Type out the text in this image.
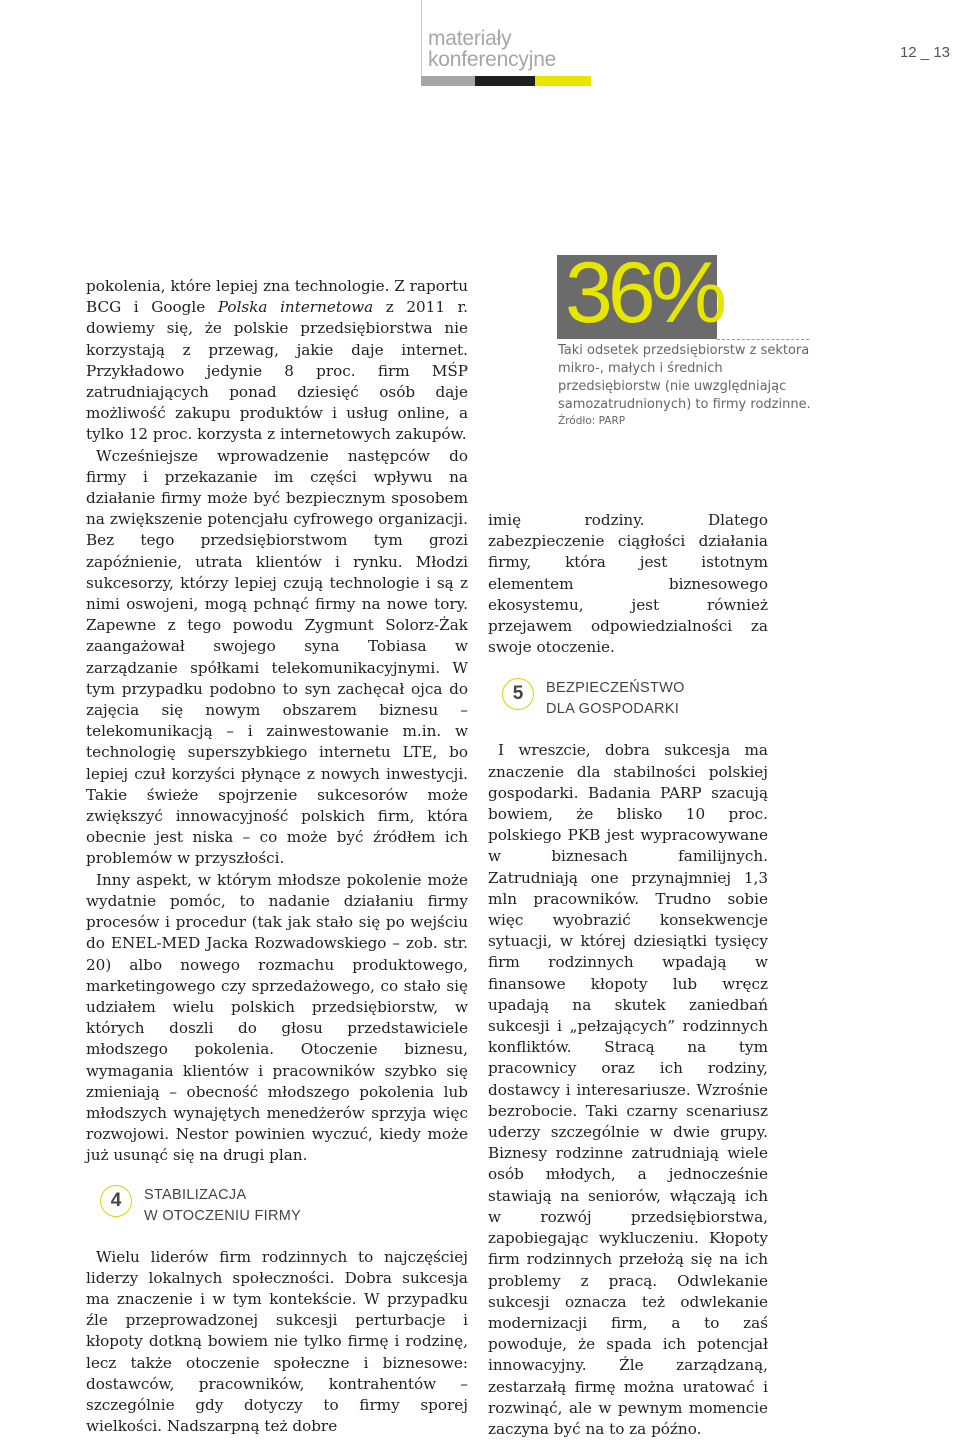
materiały
konferencyjne	12 _ 13

pokolenia, które lepiej zna technologie. Z raportu BCG i Google Polska internetowa z 2011 r. dowiemy się, że polskie przedsiębiorstwa nie korzystają z przewag, jakie daje internet. Przykładowo jedynie 8 proc. firm MŚP zatrudniających ponad dziesięć osób daje możliwość zakupu produktów i usług online, a tylko 12 proc. korzysta z internetowych zakupów.

Wcześniejsze wprowadzenie następców do firmy i przekazanie im części wpływu na działanie firmy może być bezpiecznym sposobem na zwiększenie potencjału cyfrowego organizacji. Bez tego przedsiębiorstwom tym grozi zapóźnienie, utrata klientów i rynku. Młodzi sukcesorzy, którzy lepiej czują technologie i są z nimi oswojeni, mogą pchnąć firmy na nowe tory. Zapewne z tego powodu Zygmunt Solorz-Żak zaangażował swojego syna Tobiasa w zarządzanie spółkami telekomunikacyjnymi. W tym przypadku podobno to syn zachęcał ojca do zajęcia się nowym obszarem biznesu – telekomunikacją – i zainwestowanie m.in. w technologię superszybkiego internetu LTE, bo lepiej czuł korzyści płynące z nowych inwestycji. Takie świeże spojrzenie sukcesorów może zwiększyć innowacyjność polskich firm, która obecnie jest niska – co może być źródłem ich problemów w przyszłości.

Inny aspekt, w którym młodsze pokolenie może wydatnie pomóc, to nadanie działaniu firmy procesów i procedur (tak jak stało się po wejściu do ENEL-MED Jacka Rozwadowskiego – zob. str. 20) albo nowego rozmachu produktowego, marketingowego czy sprzedażowego, co stało się udziałem wielu polskich przedsiębiorstw, w których doszli do głosu przedstawiciele młodszego pokolenia. Otoczenie biznesu, wymagania klientów i pracowników szybko się zmieniają – obecność młodszego pokolenia lub młodszych wynajętych menedżerów sprzyja więc rozwojowi. Nestor powinien wyczuć, kiedy może już usunąć się na drugi plan.

4	STABILIZACJA
W OTOCZENIU FIRMY

Wielu liderów firm rodzinnych to najczęściej liderzy lokalnych społeczności. Dobra sukcesja ma znaczenie i w tym kontekście. W przypadku źle przeprowadzonej sukcesji perturbacje i kłopoty dotkną bowiem nie tylko firmę i rodzinę, lecz także otoczenie społeczne i biznesowe: dostawców, pracowników, kontrahentów – szczególnie gdy dotyczy to firmy sporej wielkości. Nadszarpną też dobre

36%
Taki odsetek przedsiębiorstw z sektora mikro-, małych i średnich przedsiębiorstw (nie uwzględniając samozatrudnionych) to firmy rodzinne.
Źródło: PARP

imię rodziny. Dlatego zabezpieczenie ciągłości działania firmy, która jest istotnym elementem biznesowego ekosystemu, jest również przejawem odpowiedzialności za swoje otoczenie.

5	BEZPIECZEŃSTWO
DLA GOSPODARKI

I wreszcie, dobra sukcesja ma znaczenie dla stabilności polskiej gospodarki. Badania PARP szacują bowiem, że blisko 10 proc. polskiego PKB jest wypracowywane w biznesach familijnych. Zatrudniają one przynajmniej 1,3 mln pracowników. Trudno sobie więc wyobrazić konsekwencje sytuacji, w której dziesiątki tysięcy firm rodzinnych wpadają w finansowe kłopoty lub wręcz upadają na skutek zaniedbań sukcesji i „pełzających” rodzinnych konfliktów. Stracą na tym pracownicy oraz ich rodziny, dostawcy i interesariusze. Wzrośnie bezrobocie. Taki czarny scenariusz uderzy szczególnie w dwie grupy. Biznesy rodzinne zatrudniają wiele osób młodych, a jednocześnie stawiają na seniorów, włączają ich w rozwój przedsiębiorstwa, zapobiegając wykluczeniu. Kłopoty firm rodzinnych przełożą się na ich problemy z pracą. Odwlekanie sukcesji oznacza też odwlekanie modernizacji firm, a to zaś powoduje, że spada ich potencjał innowacyjny. Źle zarządzaną, zestarzałą firmę można uratować i rozwinąć, ale w pewnym momencie zaczyna być na to za późno.
